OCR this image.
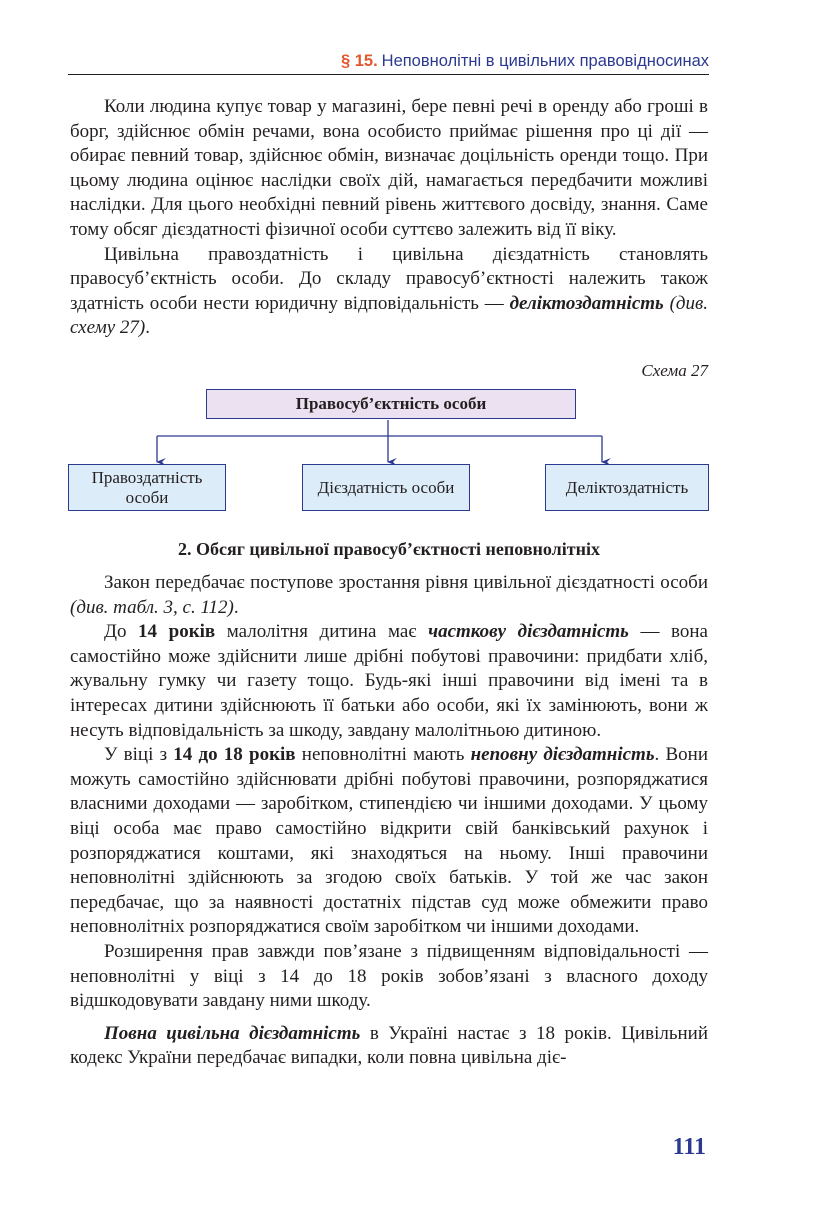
§ 15. Неповнолітні в цивільних правовідносинах

Коли людина купує товар у магазині, бере певні речі в оренду або гроші в борг, здійснює обмін речами, вона особисто приймає рішення про ці дії — обирає певний товар, здійснює обмін, визначає доцільність оренди тощо. При цьому людина оцінює наслідки своїх дій, намагається передбачити можливі наслідки. Для цього необхідні певний рівень життєвого досвіду, знання. Саме тому обсяг дієздатності фізичної особи суттєво залежить від її віку.

Цивільна правоздатність і цивільна дієздатність становлять правосуб’єктність особи. До складу правосуб’єктності належить також здатність особи нести юридичну відповідальність — деліктоздатність (див. схему 27).

Схема 27
Правосуб’єктність особи
Правоздатність особи
Дієздатність особи	Деліктоздатність
2. Обсяг цивільної правосуб’єктності неповнолітніх

Закон передбачає поступове зростання рівня цивільної дієздатності особи (див. табл. 3, с. 112).

До 14 років малолітня дитина має часткову дієздатність — вона самостійно може здійснити лише дрібні побутові правочини: придбати хліб, жувальну гумку чи газету тощо. Будь-які інші правочини від імені та в інтересах дитини здійснюють її батьки або особи, які їх замінюють, вони ж несуть відповідальність за шкоду, завдану малолітньою дитиною.

У віці з 14 до 18 років неповнолітні мають неповну дієздатність. Вони можуть самостійно здійснювати дрібні побутові правочини, розпоряджатися власними доходами — заробітком, стипендією чи іншими доходами. У цьому віці особа має право самостійно відкрити свій банківський рахунок і розпоряджатися коштами, які знаходяться на ньому. Інші правочини неповнолітні здійснюють за згодою своїх батьків. У той же час закон передбачає, що за наявності достатніх підстав суд може обмежити право неповнолітніх розпоряджатися своїм заробітком чи іншими доходами.

Розширення прав завжди пов’язане з підвищенням відповідальності — неповнолітні у віці з 14 до 18 років зобов’язані з власного доходу відшкодовувати завдану ними шкоду.

Повна цивільна дієздатність в Україні настає з 18 років. Цивільний кодекс України передбачає випадки, коли повна цивільна діє-

111
